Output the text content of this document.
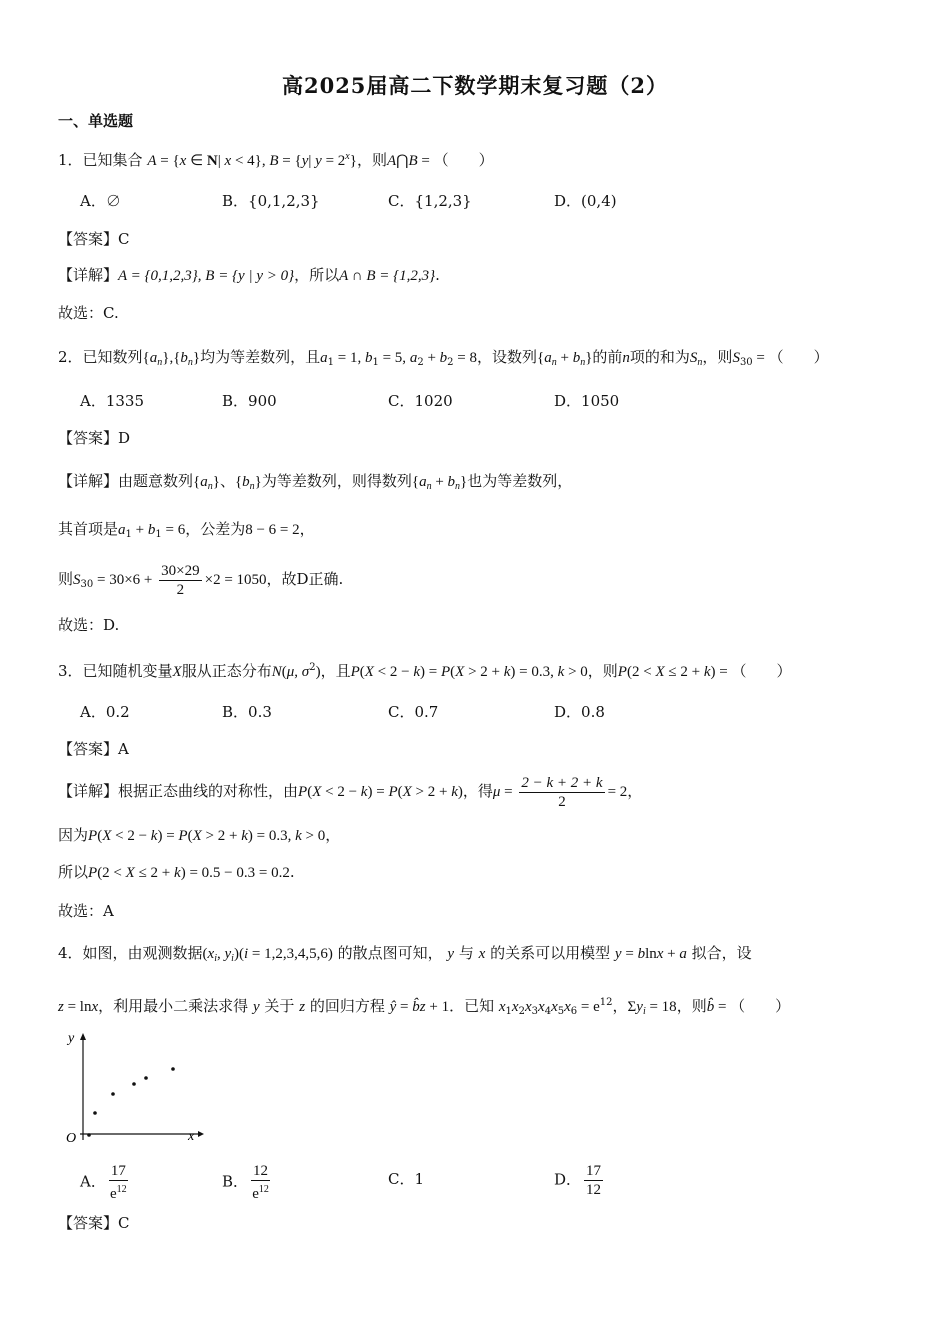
高2025届高二下数学期末复习题（2）
一、单选题
1．已知集合 A = {x ∈ N| x < 4}, B = {y| $y = 2^x$}，则A⋂B = （　　）
A．∅	B．{0,1,2,3}	C．{1,2,3}	D．(0,4)
【答案】C
【详解】A = {0,1,2,3}, B = {y | y > 0}，所以A ∩ B = {1,2,3}.
故选：C.
2．已知数列$\{a_n\},\{b_n\}$均为等差数列，且$a_1 = 1$, $b_1 = 5$, $a_2 + b_2 = 8$，设数列$\{a_n + b_n\}$的前n项的和为$S_n$，则$S_{30}$ = （　　）
A．1335	B．900	C．1020	D．1050
【答案】D
【详解】由题意数列$\{a_n\}$、$\{b_n\}$为等差数列，则得数列$\{a_n + b_n\}$也为等差数列，
其首项是$a_1 + b_1 = 6$，公差为8 − 6 = 2，
则$S_{30} = 30\times 6 + \frac{30\times 29}{2} \times 2 = 1050$，故D正确.
故选：D.
3．已知随机变量X服从正态分布N(μ, $\sigma^2$)，且P(X < 2 − k) = P(X > 2 + k) = 0.3, k > 0，则P(2 < X ≤ 2 + k) = （　　）
A．0.2	B．0.3	C．0.7	D．0.8
【答案】A
【详解】根据正态曲线的对称性，由P(X < 2 − k) = P(X > 2 + k)，得$\mu = \frac{2 - k + 2 + k}{2} = 2$，
因为P(X < 2 − k) = P(X > 2 + k) = 0.3, k > 0，
所以P(2 < X ≤ 2 + k) = 0.5 − 0.3 = 0.2.
故选：A
4．如图，由观测数据($x_i$, $y_i)(i = 1,2,3,4,5,6)$ 的散点图可知， y 与 x 的关系可以用模型 y = blnx + a 拟合，设
z = lnx，利用最小二乘法求得 y 关于 z 的回归方程 ŷ = b̂z + 1．已知 $x_1x_2x_3x_4x_5x_6 = e^{12}$，$\Sigma y_i = 18$，则b̂ = （　　）
y
x
O
A． $\frac{17}{e^{12}}$	B． $\frac{12}{e^{12}}$	C．1	D． $\frac{17}{12}$
【答案】C
